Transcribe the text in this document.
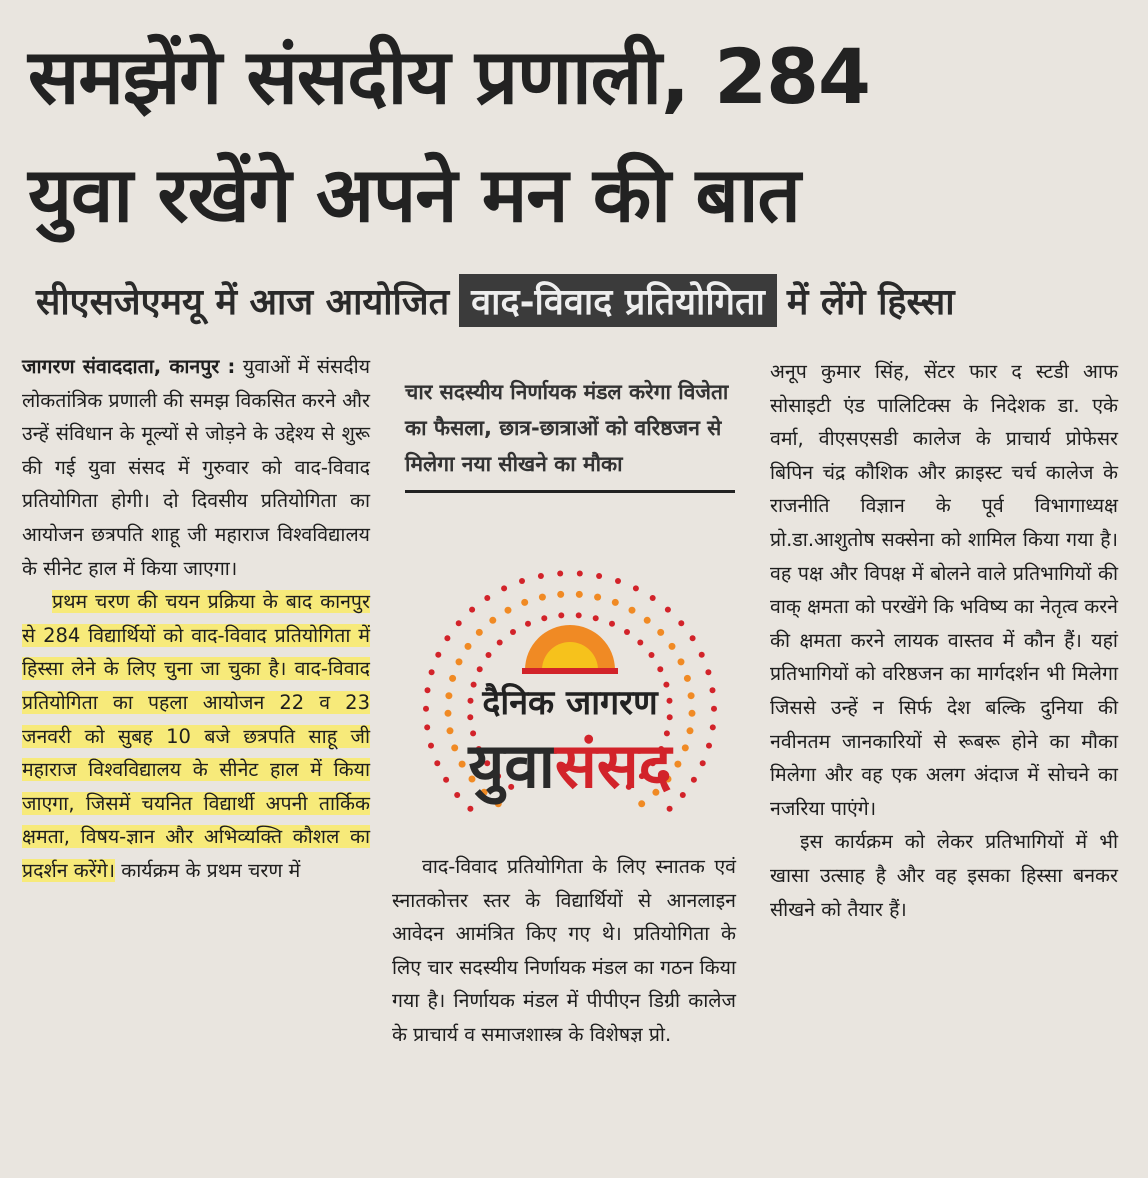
समझेंगे संसदीय प्रणाली, 284
युवा रखेंगे अपने मन की बात
सीएसजेएमयू में आज आयोजित वाद-विवाद प्रतियोगिता में लेंगे हिस्सा

जागरण संवाददाता, कानपुर : युवाओं में संसदीय लोकतांत्रिक प्रणाली की समझ विकसित करने और उन्हें संविधान के मूल्यों से जोड़ने के उद्देश्य से शुरू की गई युवा संसद में गुरुवार को वाद-विवाद प्रतियोगिता होगी। दो दिवसीय प्रतियोगिता का आयोजन छत्रपति शाहू जी महाराज विश्वविद्यालय के सीनेट हाल में किया जाएगा।

प्रथम चरण की चयन प्रक्रिया के बाद कानपुर से 284 विद्यार्थियों को वाद-विवाद प्रतियोगिता में हिस्सा लेने के लिए चुना जा चुका है। वाद-विवाद प्रतियोगिता का पहला आयोजन 22 व 23 जनवरी को सुबह 10 बजे छत्रपति साहू जी महाराज विश्वविद्यालय के सीनेट हाल में किया जाएगा, जिसमें चयनित विद्यार्थी अपनी तार्किक क्षमता, विषय-ज्ञान और अभिव्यक्ति कौशल का प्रदर्शन करेंगे। कार्यक्रम के प्रथम चरण में

चार सदस्यीय निर्णायक मंडल करेगा विजेता का फैसला, छात्र-छात्राओं को वरिष्ठजन से मिलेगा नया सीखने का मौका
दैनिक जागरण
युवासंसद

वाद-विवाद प्रतियोगिता के लिए स्नातक एवं स्नातकोत्तर स्तर के विद्यार्थियों से आनलाइन आवेदन आमंत्रित किए गए थे। प्रतियोगिता के लिए चार सदस्यीय निर्णायक मंडल का गठन किया गया है। निर्णायक मंडल में पीपीएन डिग्री कालेज के प्राचार्य व समाजशास्त्र के विशेषज्ञ प्रो.

अनूप कुमार सिंह, सेंटर फार द स्टडी आफ सोसाइटी एंड पालिटिक्स के निदेशक डा. एके वर्मा, वीएसएसडी कालेज के प्राचार्य प्रोफेसर बिपिन चंद्र कौशिक और क्राइस्ट चर्च कालेज के राजनीति विज्ञान के पूर्व विभागाध्यक्ष प्रो.डा.आशुतोष सक्सेना को शामिल किया गया है। वह पक्ष और विपक्ष में बोलने वाले प्रतिभागियों की वाक् क्षमता को परखेंगे कि भविष्य का नेतृत्व करने की क्षमता करने लायक वास्तव में कौन हैं। यहां प्रतिभागियों को वरिष्ठजन का मार्गदर्शन भी मिलेगा जिससे उन्हें न सिर्फ देश बल्कि दुनिया की नवीनतम जानकारियों से रूबरू होने का मौका मिलेगा और वह एक अलग अंदाज में सोचने का नजरिया पाएंगे।

इस कार्यक्रम को लेकर प्रतिभागियों में भी खासा उत्साह है और वह इसका हिस्सा बनकर सीखने को तैयार हैं।
